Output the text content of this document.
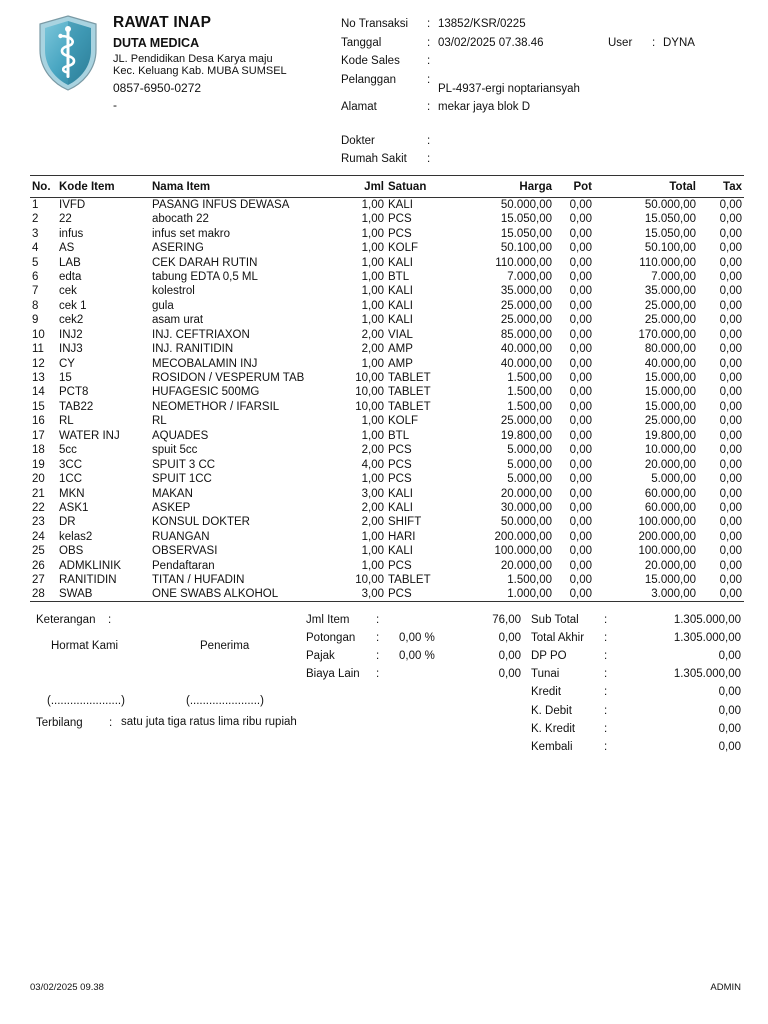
RAWAT INAP
DUTA MEDICA
JL. Pendidikan Desa Karya maju
Kec. Keluang Kab. MUBA SUMSEL
0857-6950-0272
-
No Transaksi : 13852/KSR/0225
Tanggal	: 03/02/2025 07.38.46	User : DYNA
Kode Sales :
Pelanggan	:
PL-4937-ergi noptariansyah
Alamat	: mekar jaya blok D
Dokter	:
Rumah Sakit :
No.	Kode Item	Nama Item	Jml	Satuan	Harga	Pot	Total	Tax
1	IVFD	PASANG INFUS DEWASA	1,00	KALI	50.000,00	0,00	50.000,00	0,00
2	22	abocath 22	1,00	PCS	15.050,00	0,00	15.050,00	0,00
3	infus	infus set makro	1,00	PCS	15.050,00	0,00	15.050,00	0,00
4	AS	ASERING	1,00	KOLF	50.100,00	0,00	50.100,00	0,00
5	LAB	CEK DARAH RUTIN	1,00	KALI	110.000,00	0,00	110.000,00	0,00
6	edta	tabung EDTA 0,5 ML	1,00	BTL	7.000,00	0,00	7.000,00	0,00
7	cek	kolestrol	1,00	KALI	35.000,00	0,00	35.000,00	0,00
8	cek 1	gula	1,00	KALI	25.000,00	0,00	25.000,00	0,00
9	cek2	asam urat	1,00	KALI	25.000,00	0,00	25.000,00	0,00
10	INJ2	INJ. CEFTRIAXON	2,00	VIAL	85.000,00	0,00	170.000,00	0,00
11	INJ3	INJ. RANITIDIN	2,00	AMP	40.000,00	0,00	80.000,00	0,00
12	CY	MECOBALAMIN INJ	1,00	AMP	40.000,00	0,00	40.000,00	0,00
13	15	ROSIDON / VESPERUM TAB	10,00	TABLET	1.500,00	0,00	15.000,00	0,00
14	PCT8	HUFAGESIC 500MG	10,00	TABLET	1.500,00	0,00	15.000,00	0,00
15	TAB22	NEOMETHOR / IFARSIL	10,00	TABLET	1.500,00	0,00	15.000,00	0,00
16	RL	RL	1,00	KOLF	25.000,00	0,00	25.000,00	0,00
17	WATER INJ	AQUADES	1,00	BTL	19.800,00	0,00	19.800,00	0,00
18	5cc	spuit 5cc	2,00	PCS	5.000,00	0,00	10.000,00	0,00
19	3CC	SPUIT 3 CC	4,00	PCS	5.000,00	0,00	20.000,00	0,00
20	1CC	SPUIT 1CC	1,00	PCS	5.000,00	0,00	5.000,00	0,00
21	MKN	MAKAN	3,00	KALI	20.000,00	0,00	60.000,00	0,00
22	ASK1	ASKEP	2,00	KALI	30.000,00	0,00	60.000,00	0,00
23	DR	KONSUL DOKTER	2,00	SHIFT	50.000,00	0,00	100.000,00	0,00
24	kelas2	RUANGAN	1,00	HARI	200.000,00	0,00	200.000,00	0,00
25	OBS	OBSERVASI	1,00	KALI	100.000,00	0,00	100.000,00	0,00
26	ADMKLINIK	Pendaftaran	1,00	PCS	20.000,00	0,00	20.000,00	0,00
27	RANITIDIN	TITAN / HUFADIN	10,00	TABLET	1.500,00	0,00	15.000,00	0,00
28	SWAB	ONE SWABS ALKOHOL	3,00	PCS	1.000,00	0,00	3.000,00	0,00
Keterangan :
Hormat Kami	Penerima
(......................)	(......................)
Terbilang : satu juta tiga ratus lima ribu rupiah
Jml Item :	76,00
Potongan : 0,00 %	0,00
Pajak	: 0,00 %	0,00
Biaya Lain :	0,00
Sub Total :	1.305.000,00
Total Akhir :	1.305.000,00
DP PO	:	0,00
Tunai	:	1.305.000,00
Kredit	:	0,00
K. Debit	:	0,00
K. Kredit	:	0,00
Kembali	:	0,00
03/02/2025 09.38	ADMIN
